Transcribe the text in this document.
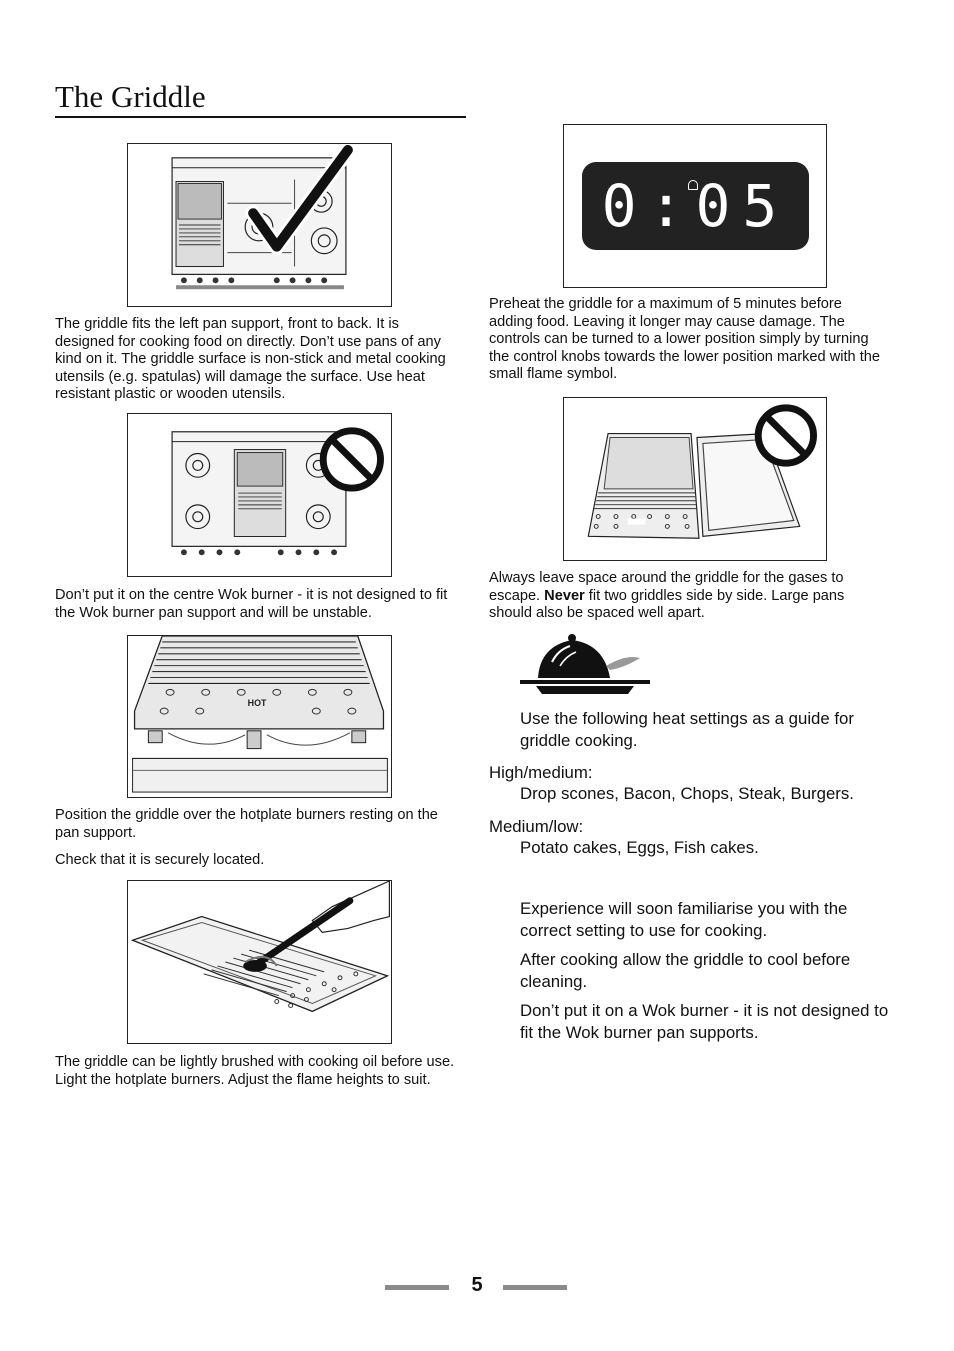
The Griddle

The griddle fits the left pan support, front to back. It is designed for cooking food on directly. Don’t use pans of any kind on it. The griddle surface is non-stick and metal cooking utensils (e.g. spatulas) will damage the surface. Use heat resistant plastic or wooden utensils.

Don’t put it on the centre Wok burner - it is not designed to fit the Wok burner pan support and will be unstable.

HOT

Position the griddle over the hotplate burners resting on the pan support.

Check that it is securely located.

The griddle can be lightly brushed with cooking oil before use. Light the hotplate burners. Adjust the flame heights to suit.

0:05

Preheat the griddle for a maximum of 5 minutes before adding food. Leaving it longer may cause damage. The controls can be turned to a lower position simply by turning the control knobs towards the lower position marked with the small flame symbol.

Always leave space around the griddle for the gases to escape. Never fit two griddles side by side. Large pans should also be spaced well apart.

Use the following heat settings as a guide for griddle cooking.

High/medium:

Drop scones, Bacon, Chops, Steak, Burgers.

Medium/low:

Potato cakes, Eggs, Fish cakes.

Experience will soon familiarise you with the correct setting to use for cooking.

After cooking allow the griddle to cool before cleaning.

Don’t put it on a Wok burner - it is not designed to fit the Wok burner pan supports.

5
